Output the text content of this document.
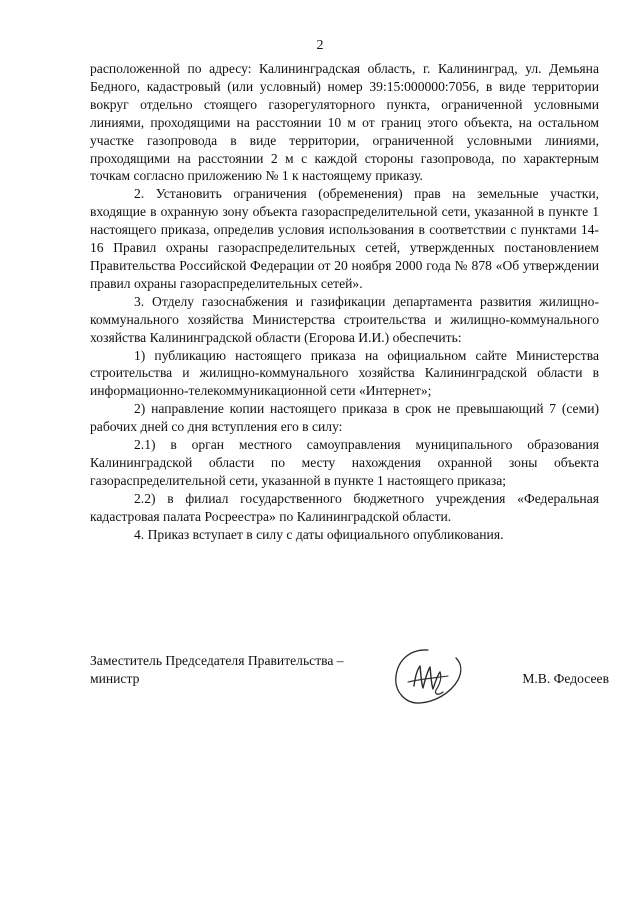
2

расположенной по адресу: Калининградская область, г. Калининград, ул. Демьяна Бедного, кадастровый (или условный) номер 39:15:000000:7056, в виде территории вокруг отдельно стоящего газорегуляторного пункта, ограниченной условными линиями, проходящими на расстоянии 10 м от границ этого объекта, на остальном участке газопровода в виде территории, ограниченной условными линиями, проходящими на расстоянии 2 м с каждой стороны газопровода, по характерным точкам согласно приложению № 1 к настоящему приказу.

2. Установить ограничения (обременения) прав на земельные участки, входящие в охранную зону объекта газораспределительной сети, указанной в пункте 1 настоящего приказа, определив условия использования в соответствии с пунктами 14-16 Правил охраны газораспределительных сетей, утвержденных постановлением Правительства Российской Федерации от 20 ноября 2000 года № 878 «Об утверждении правил охраны газораспределительных сетей».

3. Отделу газоснабжения и газификации департамента развития жилищно-коммунального хозяйства Министерства строительства и жилищно-коммунального хозяйства Калининградской области (Егорова И.И.) обеспечить:

1) публикацию настоящего приказа на официальном сайте Министерства строительства и жилищно-коммунального хозяйства Калининградской области в информационно-телекоммуникационной сети «Интернет»;

2) направление копии настоящего приказа в срок не превышающий 7 (семи) рабочих дней со дня вступления его в силу:

2.1) в орган местного самоуправления муниципального образования Калининградской области по месту нахождения охранной зоны объекта газораспределительной сети, указанной в пункте 1 настоящего приказа;

2.2) в филиал государственного бюджетного учреждения «Федеральная кадастровая палата Росреестра» по Калининградской области.

4. Приказ вступает в силу с даты официального опубликования.

Заместитель Председателя Правительства –
министр	М.В. Федосеев
